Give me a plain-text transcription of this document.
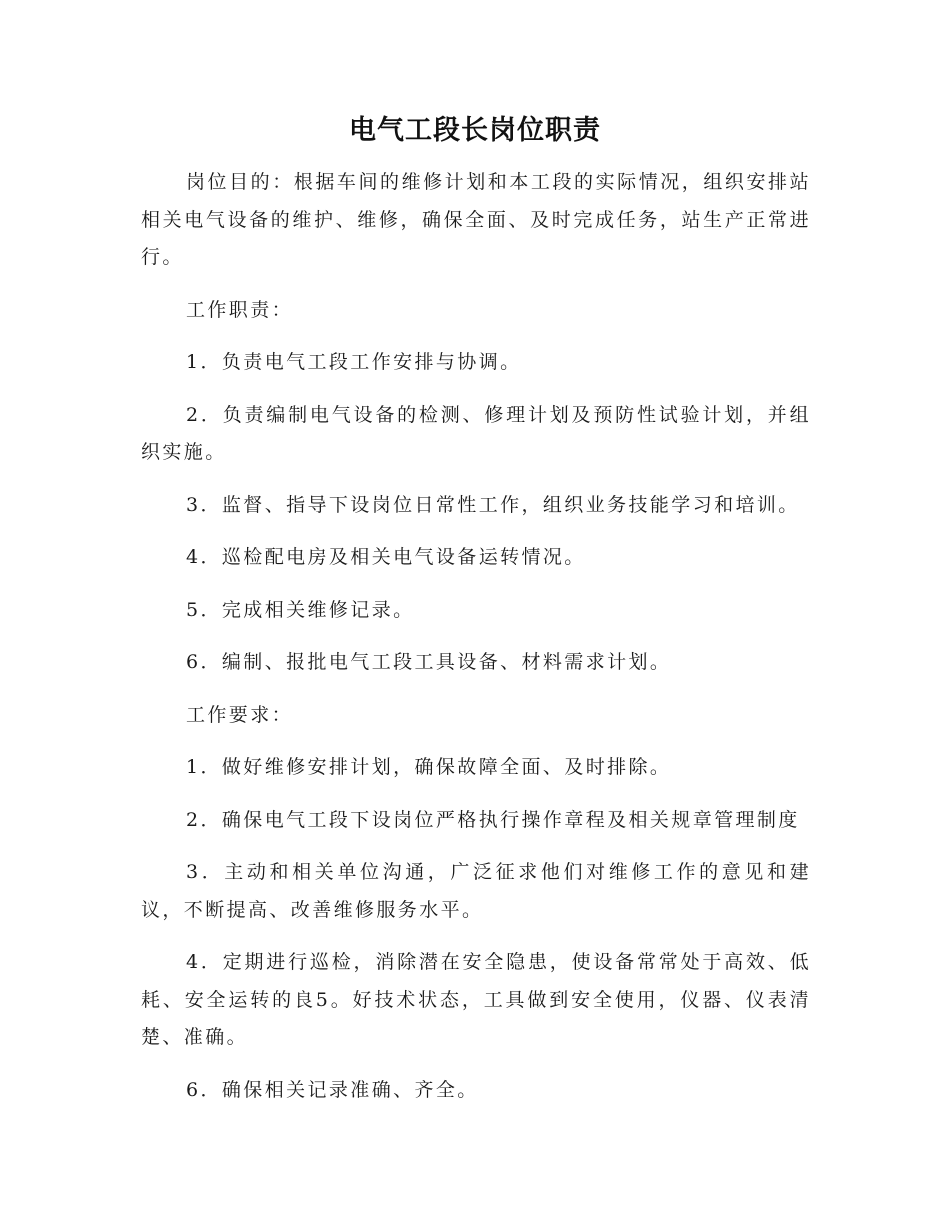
电气工段长岗位职责

岗位目的：根据车间的维修计划和本工段的实际情况，组织安排站相关电气设备的维护、维修，确保全面、及时完成任务，站生产正常进行。

工作职责：

1．负责电气工段工作安排与协调。

2．负责编制电气设备的检测、修理计划及预防性试验计划，并组织实施。

3．监督、指导下设岗位日常性工作，组织业务技能学习和培训。

4．巡检配电房及相关电气设备运转情况。

5．完成相关维修记录。

6．编制、报批电气工段工具设备、材料需求计划。

工作要求：

1．做好维修安排计划，确保故障全面、及时排除。

2．确保电气工段下设岗位严格执行操作章程及相关规章管理制度

3．主动和相关单位沟通，广泛征求他们对维修工作的意见和建议，不断提高、改善维修服务水平。

4．定期进行巡检，消除潜在安全隐患，使设备常常处于高效、低耗、安全运转的良5。好技术状态，工具做到安全使用，仪器、仪表清楚、准确。

6．确保相关记录准确、齐全。
